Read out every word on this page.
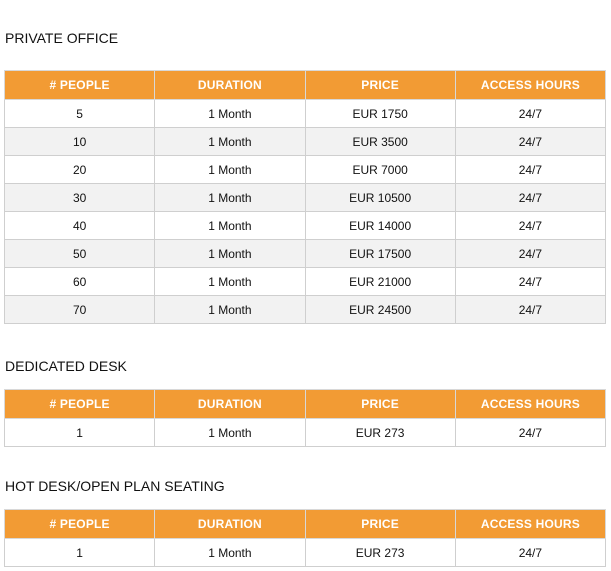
PRIVATE OFFICE
# PEOPLE	DURATION	PRICE	ACCESS HOURS
5	1 Month	EUR 1750	24/7
10	1 Month	EUR 3500	24/7
20	1 Month	EUR 7000	24/7
30	1 Month	EUR 10500	24/7
40	1 Month	EUR 14000	24/7
50	1 Month	EUR 17500	24/7
60	1 Month	EUR 21000	24/7
70	1 Month	EUR 24500	24/7
DEDICATED DESK
# PEOPLE	DURATION	PRICE	ACCESS HOURS
1	1 Month	EUR 273	24/7
HOT DESK/OPEN PLAN SEATING
# PEOPLE	DURATION	PRICE	ACCESS HOURS
1	1 Month	EUR 273	24/7
